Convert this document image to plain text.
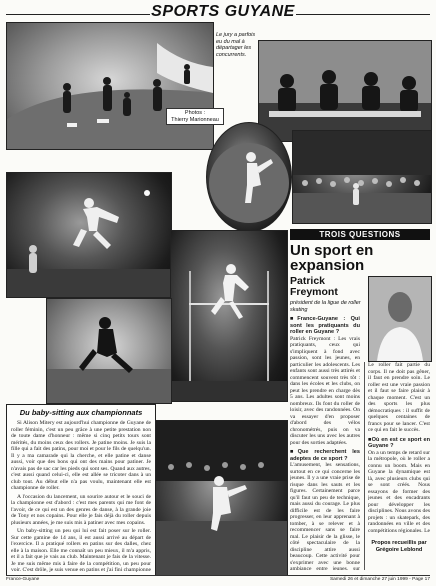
SPORTS GUYANE
Le jury a parfois eu du mal à départager les concurrents.
Photos :
Thierry Marionneau
Du baby-sitting aux championnats

Si Alison Mitery est aujourd'hui championne de Guyane de roller féminin, c'est un peu grâce à une petite prestation non de toute dame d'honneur : même si cinq petits tours sont mérités, du moins ceux des rollers. Je patine moins. Je suis la fille qui a fait des patins, pour moi et pour le fils de quelqu'un. Il y a ma camarade qui la cherche, et elle patine et danse aussi, voir que des bons qui ont des mains pour patiner. Je n'avais pas de sac car les pieds qui sont ses. Quand aux autres, c'est aussi quand celui-ci, elle est allée se tricoter dans à un club tout. Au début elle n'a pas voulu, maintenant elle est championne de roller.

A l'occasion du lancement, un sourire autour et le souci de la championne est d'abord : c'est mes parents qui me font de l'avoir, de ce qui est un des genres de danse, à la grande joie de Tony et nos copains. Pour elle je fais déjà du roller depuis plusieurs années, je me suis mis à patiner avec mes copains.

Un baby-sitting un peu qui lui est fait poser sur le roller. Sur cette gamine de 14 ans, il est aussi arrivé au départ de l'exercice. Il a pratiqué rollers en patins sur des dalles, chez elle à la maison. Elle me connaît un peu mieux, il m'a appris, et il a fait que je vais au club. Maintenant je fais de la vitesse. Je me suis même mis à faire de la compétition, un peu pour voir. C'est drôle, je suis venue en patins et j'ai fini championne

TROIS QUESTIONS
Un sport en expansion
Patrick Freymont
président de la ligue de roller skating
■France-Guyane : Qui sont les pratiquants du roller en Guyane ?
Patrick Freymont : Les vrais pratiquants, ceux qui s'impliquent à fond avec passion, sont les jeunes, en particulier les adolescents. Les enfants sont aussi très attirés et commencent souvent très tôt : dans les écoles et les clubs, on peut les prendre en charge dès 5 ans. Les adultes sont moins nombreux. Ils font du roller de loisir, avec des randonnées. On va essayer d'en proposer d'abord des vélos chronométrés, puis on va discuter les uns avec les autres pour des sorties adaptées.
■Que recherchent les adeptes de ce sport ?
L'amusement, les sensations, surtout en ce qui concerne les jeunes. Il y a une vraie prise de risque dans les sauts et les figures. Certainement parce qu'il faut un peu de technique, mais aussi du courage. Le plus difficile est de les faire progresser, en leur apprenant à tomber, à se relever et à recommencer sans se faire mal. Le plaisir de la glisse, le côté spectaculaire de la discipline attire aussi beaucoup. Cette activité pour s'exprimer avec une bonne ambiance entre jeunes, sur
Le roller fait partie du corps. Il ne doit pas gêner, il faut en prendre soin. Le roller est une vraie passion et il faut se faire plaisir à chaque moment. C'est un des sports les plus démocratiques : il suffit de quelques centaines de francs pour se lancer. C'est ce qui en fait le succès.
■Où en est ce sport en Guyane ?
On a un temps de retard sur la métropole, où le roller a connu un boom. Mais en Guyane la dynamique est là, avec plusieurs clubs qui se sont créés. Nous essayons de former des jeunes et des encadrants pour développer les disciplines. Nous avons des projets : un skatepark, des randonnées en ville et des compétitions régionales. Le
Propos recueillis par
Grégoire Leblond
France-Guyane	Samedi 26 et dimanche 27 juin 1999 - Page 17
